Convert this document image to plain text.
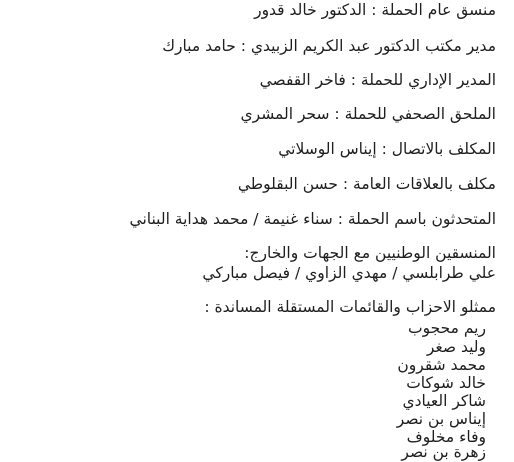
منسق عام الحملة : الدكتور خالد قدور
مدير مكتب الدكتور عبد الكريم الزبيدي : حامد مبارك
المدير الإداري للحملة : فاخر القفصي
الملحق الصحفي للحملة : سحر المشري
المكلف بالاتصال : إيناس الوسلاتي
مكلف بالعلاقات العامة : حسن البقلوطي
المتحدثون باسم الحملة : سناء غنيمة / محمد هداية البناني
المنسقين الوطنيين مع الجهات والخارج:
علي طرابلسي / مهدي الزاوي / فيصل مباركي
ممثلو الاحزاب والقائمات المستقلة المساندة :
ريم محجوب
وليد صغر
محمد شقرون
خالد شوكات
شاكر العيادي
إيناس بن نصر
وفاء مخلوف
زهرة بن نصر
